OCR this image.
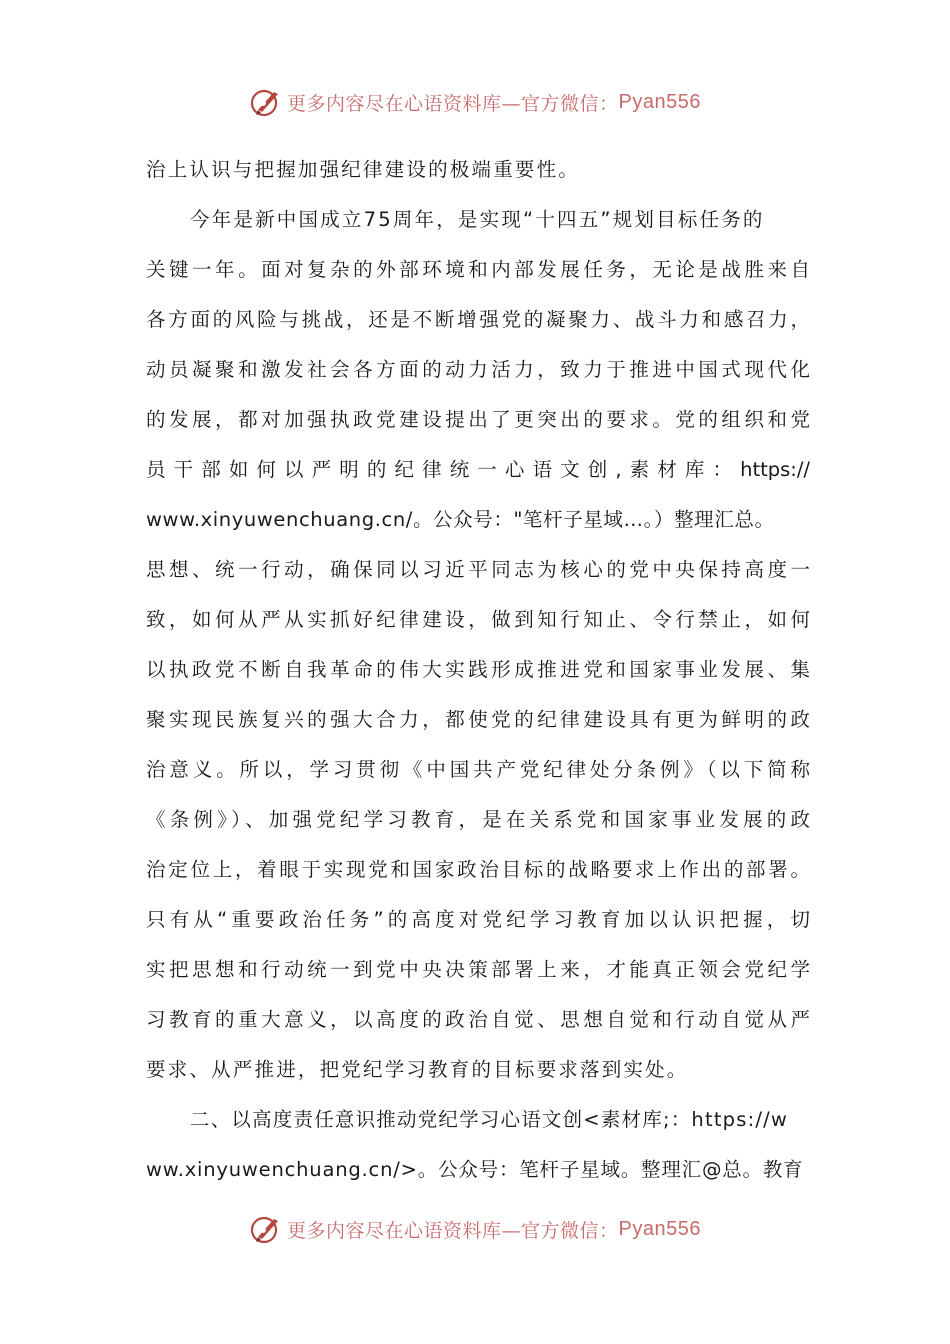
更多内容尽在心语资料库—官方微信： Pyan556
治上认识与把握加强纪律建设的极端重要性。
今年是新中国成立75周年，是实现“十四五”规划目标任务的
关键一年。面对复杂的外部环境和内部发展任务，无论是战胜来自
各方面的风险与挑战，还是不断增强党的凝聚力、战斗力和感召力，
动员凝聚和激发社会各方面的动力活力，致力于推进中国式现代化
的发展，都对加强执政党建设提出了更突出的要求。党的组织和党
员干部如何以严明的纪律统一心语文创,素材库：https://
www.xinyuwenchuang.cn/。公众号："笔杆子星域…。）整理汇总。
思想、统一行动，确保同以习近平同志为核心的党中央保持高度一
致，如何从严从实抓好纪律建设，做到知行知止、令行禁止，如何
以执政党不断自我革命的伟大实践形成推进党和国家事业发展、集
聚实现民族复兴的强大合力，都使党的纪律建设具有更为鲜明的政
治意义。所以，学习贯彻《中国共产党纪律处分条例》（以下简称
《条例》）、加强党纪学习教育，是在关系党和国家事业发展的政
治定位上，着眼于实现党和国家政治目标的战略要求上作出的部署。
只有从“重要政治任务”的高度对党纪学习教育加以认识把握，切
实把思想和行动统一到党中央决策部署上来，才能真正领会党纪学
习教育的重大意义，以高度的政治自觉、思想自觉和行动自觉从严
要求、从严推进，把党纪学习教育的目标要求落到实处。
二、以高度责任意识推动党纪学习心语文创<素材库;：https://w
ww.xinyuwenchuang.cn/>。公众号：笔杆子星域。整理汇@总。教育
更多内容尽在心语资料库—官方微信： Pyan556
